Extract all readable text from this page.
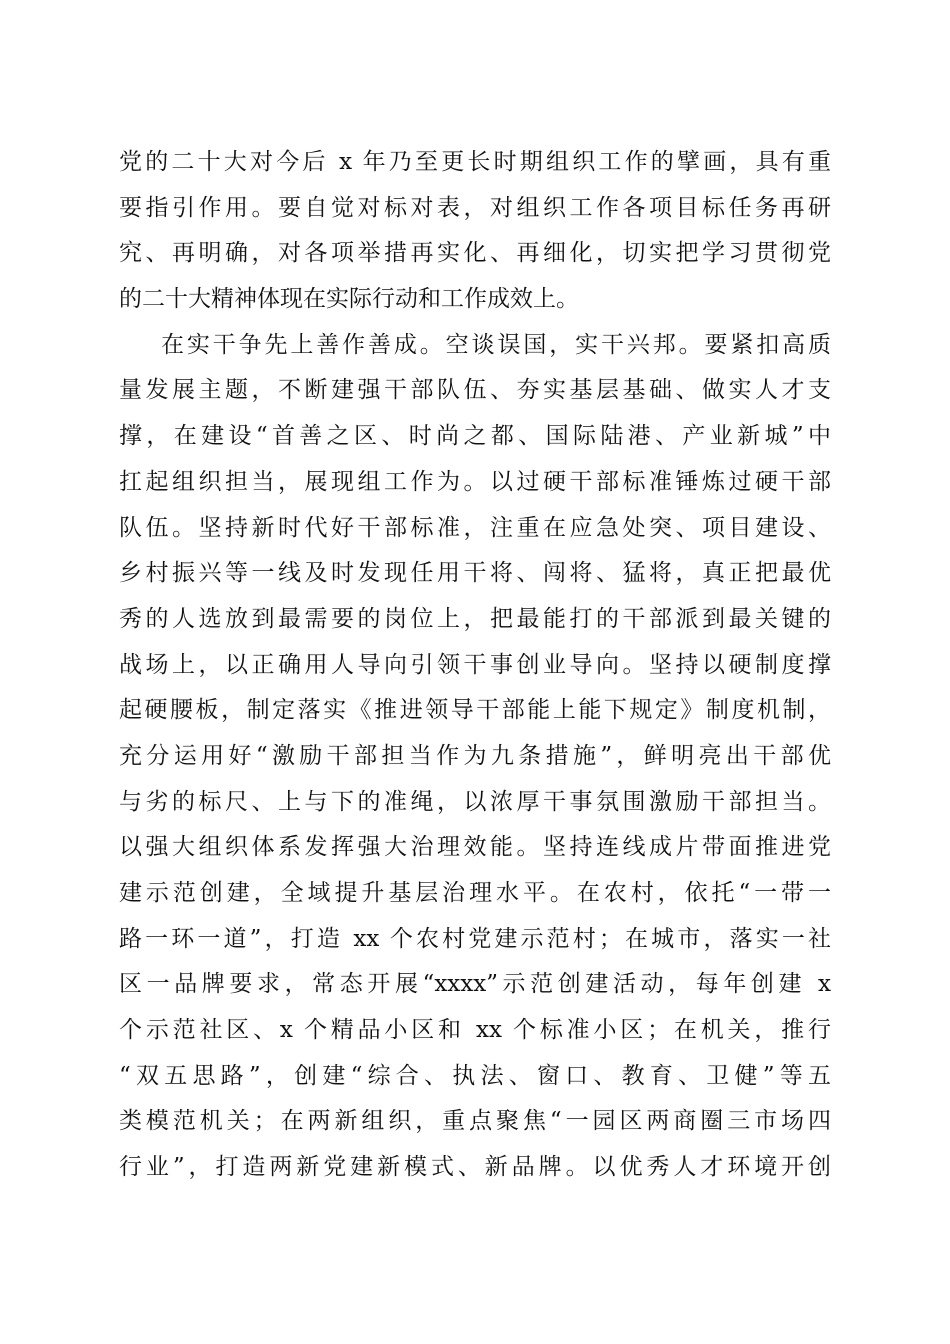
党的二十大对今后 x 年乃至更长时期组织工作的擘画，具有重
要指引作用。要自觉对标对表，对组织工作各项目标任务再研
究、再明确，对各项举措再实化、再细化，切实把学习贯彻党
的二十大精神体现在实际行动和工作成效上。
在实干争先上善作善成。空谈误国，实干兴邦。要紧扣高质
量发展主题，不断建强干部队伍、夯实基层基础、做实人才支
撑，在建设“首善之区、时尚之都、国际陆港、产业新城”中
扛起组织担当，展现组工作为。以过硬干部标准锤炼过硬干部
队伍。坚持新时代好干部标准，注重在应急处突、项目建设、
乡村振兴等一线及时发现任用干将、闯将、猛将，真正把最优
秀的人选放到最需要的岗位上，把最能打的干部派到最关键的
战场上，以正确用人导向引领干事创业导向。坚持以硬制度撑
起硬腰板，制定落实《推进领导干部能上能下规定》制度机制，
充分运用好“激励干部担当作为九条措施”，鲜明亮出干部优
与劣的标尺、上与下的准绳，以浓厚干事氛围激励干部担当。
以强大组织体系发挥强大治理效能。坚持连线成片带面推进党
建示范创建，全域提升基层治理水平。在农村，依托“一带一
路一环一道”，打造 xx 个农村党建示范村；在城市，落实一社
区一品牌要求，常态开展“xxxx”示范创建活动，每年创建 x
个示范社区、x 个精品小区和 xx 个标准小区；在机关，推行
“双五思路”，创建“综合、执法、窗口、教育、卫健”等五
类模范机关；在两新组织，重点聚焦“一园区两商圈三市场四
行业”，打造两新党建新模式、新品牌。以优秀人才环境开创
